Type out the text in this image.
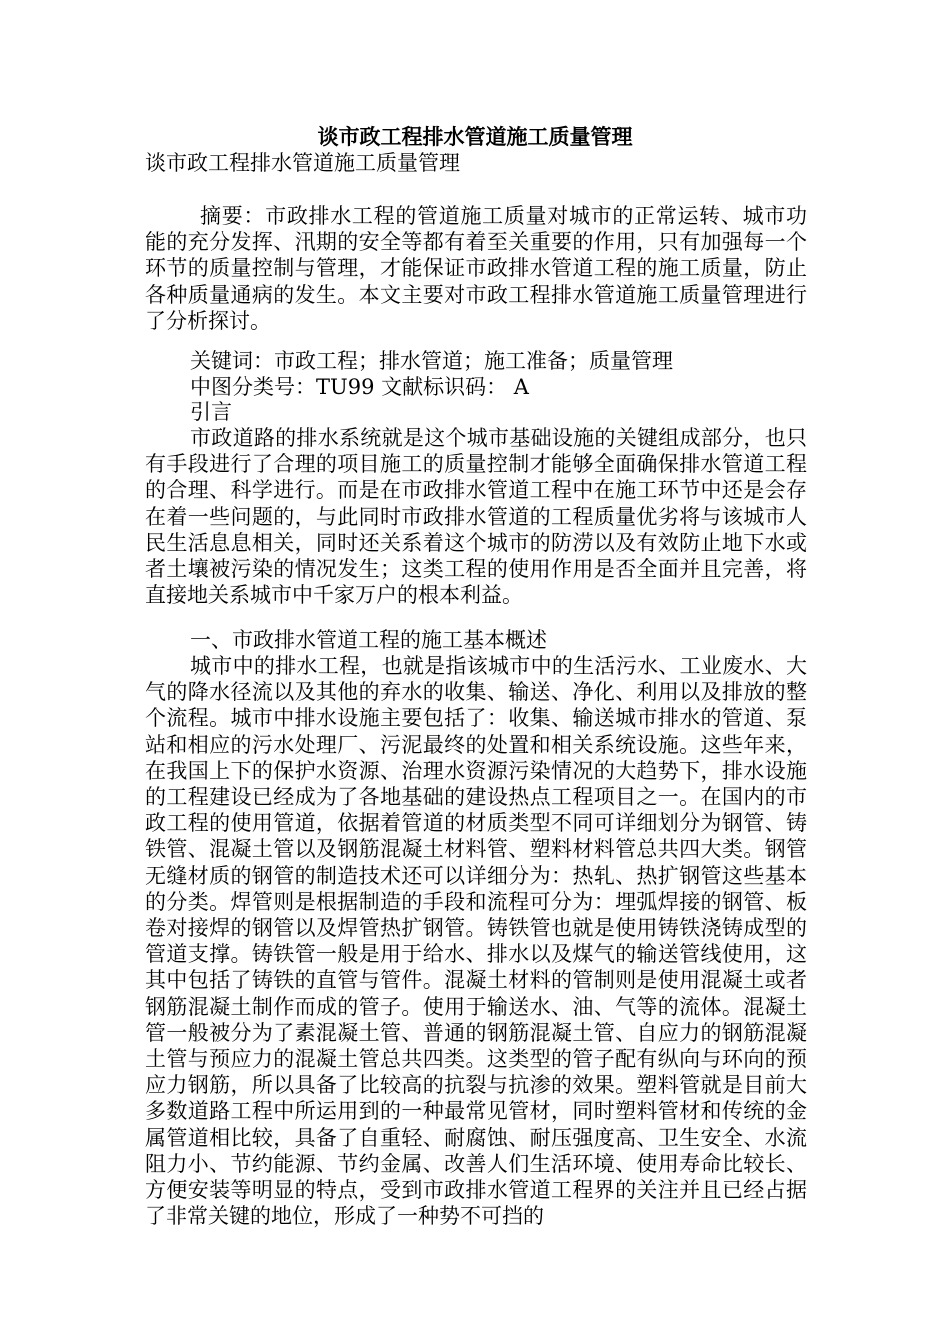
谈市政工程排水管道施工质量管理

谈市政工程排水管道施工质量管理

摘要：市政排水工程的管道施工质量对城市的正常运转、城市功能的充分发挥、汛期的安全等都有着至关重要的作用，只有加强每一个环节的质量控制与管理，才能保证市政排水管道工程的施工质量，防止各种质量通病的发生。本文主要对市政工程排水管道施工质量管理进行了分析探讨。

关键词：市政工程；排水管道；施工准备；质量管理

中图分类号：TU99 文献标识码： A

引言

市政道路的排水系统就是这个城市基础设施的关键组成部分，也只有手段进行了合理的项目施工的质量控制才能够全面确保排水管道工程的合理、科学进行。而是在市政排水管道工程中在施工环节中还是会存在着一些问题的，与此同时市政排水管道的工程质量优劣将与该城市人民生活息息相关，同时还关系着这个城市的防涝以及有效防止地下水或者土壤被污染的情况发生；这类工程的使用作用是否全面并且完善，将直接地关系城市中千家万户的根本利益。

一、市政排水管道工程的施工基本概述

城市中的排水工程，也就是指该城市中的生活污水、工业废水、大气的降水径流以及其他的弃水的收集、输送、净化、利用以及排放的整个流程。城市中排水设施主要包括了：收集、输送城市排水的管道、泵站和相应的污水处理厂、污泥最终的处置和相关系统设施。这些年来，在我国上下的保护水资源、治理水资源污染情况的大趋势下，排水设施的工程建设已经成为了各地基础的建设热点工程项目之一。在国内的市政工程的使用管道，依据着管道的材质类型不同可详细划分为钢管、铸铁管、混凝土管以及钢筋混凝土材料管、塑料材料管总共四大类。钢管无缝材质的钢管的制造技术还可以详细分为：热轧、热扩钢管这些基本的分类。焊管则是根据制造的手段和流程可分为：埋弧焊接的钢管、板卷对接焊的钢管以及焊管热扩钢管。铸铁管也就是使用铸铁浇铸成型的管道支撑。铸铁管一般是用于给水、排水以及煤气的输送管线使用，这其中包括了铸铁的直管与管件。混凝土材料的管制则是使用混凝土或者钢筋混凝土制作而成的管子。使用于输送水、油、气等的流体。混凝土管一般被分为了素混凝土管、普通的钢筋混凝土管、自应力的钢筋混凝土管与预应力的混凝土管总共四类。这类型的管子配有纵向与环向的预应力钢筋，所以具备了比较高的抗裂与抗渗的效果。塑料管就是目前大多数道路工程中所运用到的一种最常见管材，同时塑料管材和传统的金属管道相比较，具备了自重轻、耐腐蚀、耐压强度高、卫生安全、水流阻力小、节约能源、节约金属、改善人们生活环境、使用寿命比较长、方便安装等明显的特点，受到市政排水管道工程界的关注并且已经占据了非常关键的地位，形成了一种势不可挡的
